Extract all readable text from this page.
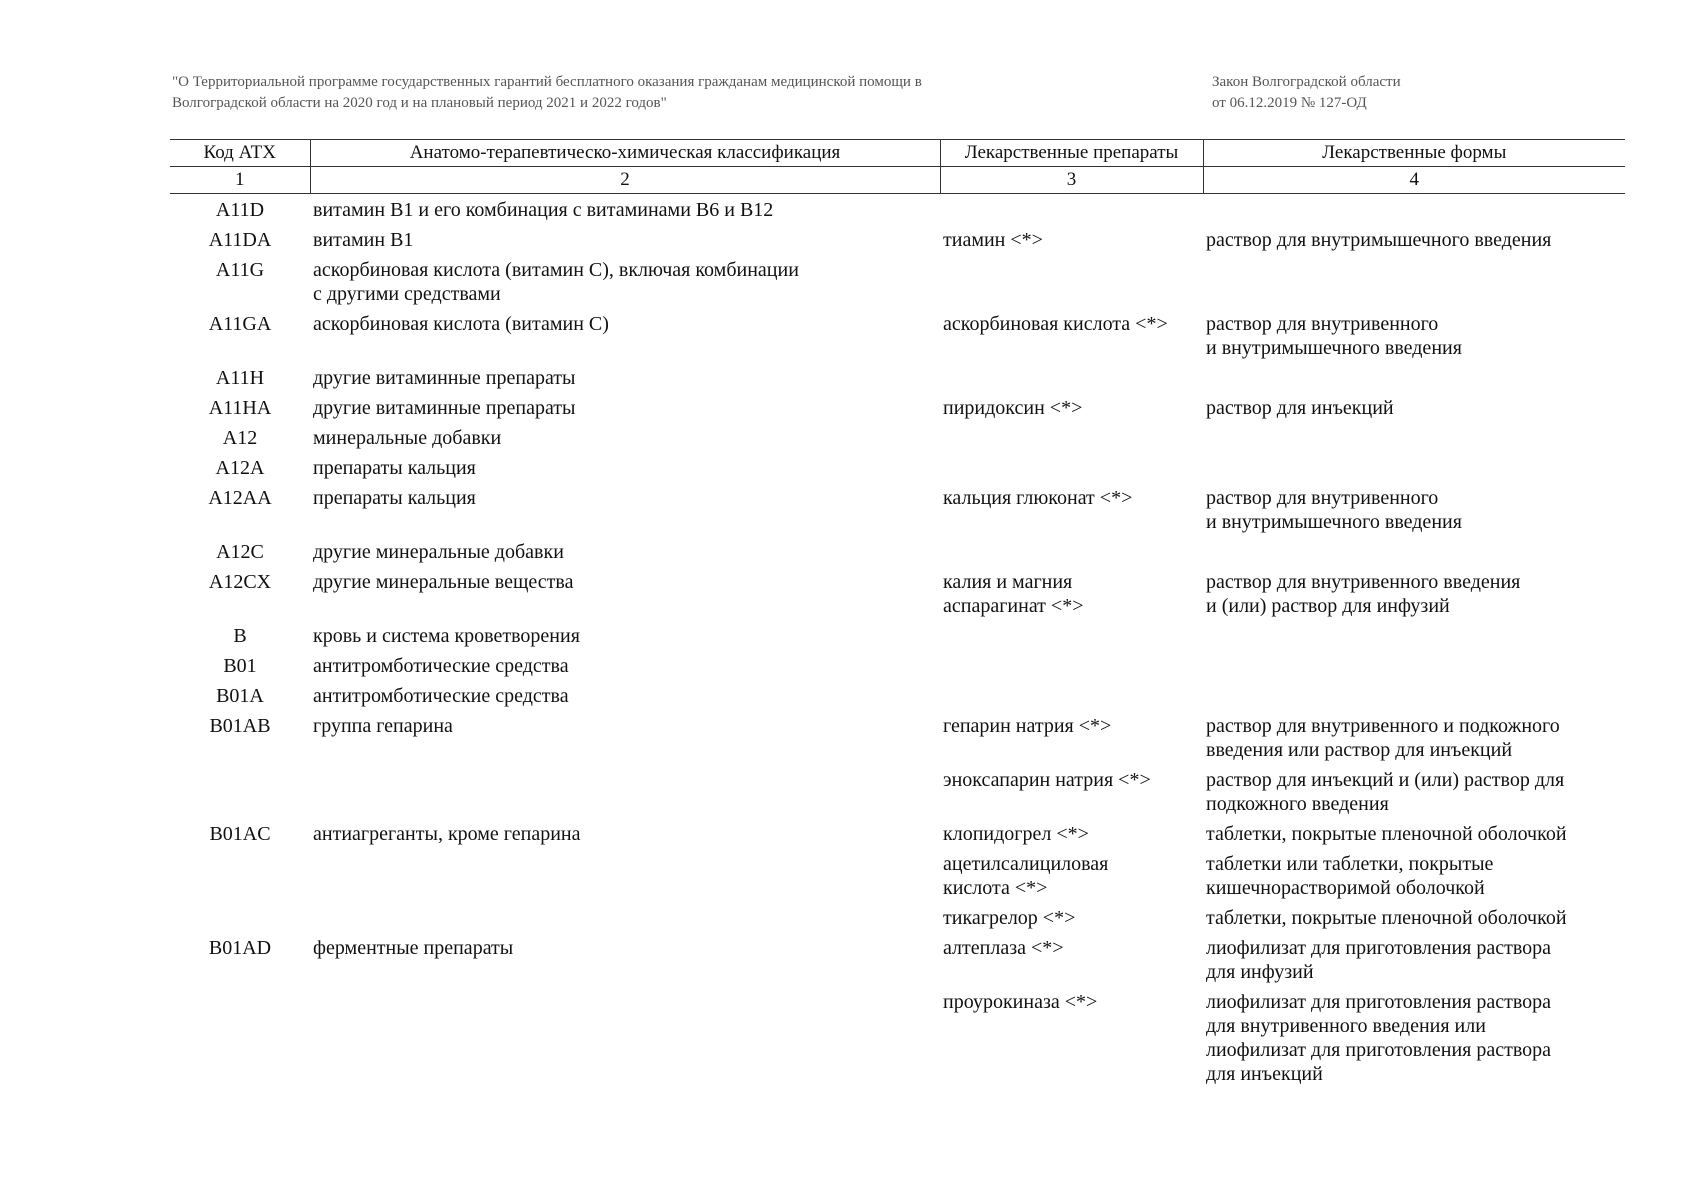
"О Территориальной программе государственных гарантий бесплатного оказания гражданам медицинской помощи в
Волгоградской области на 2020 год и на плановый период 2021 и 2022 годов"
Закон Волгоградской области
от 06.12.2019 № 127-ОД
Код АТХ	Анатомо-терапевтическо-химическая классификация	Лекарственные препараты	Лекарственные формы
1	2	3	4
A11D	витамин B1 и его комбинация с витаминами B6 и B12		

A11DA	витамин B1	тиамин <*>	раствор для внутримышечного введения

A11G	аскорбиновая кислота (витамин C), включая комбинации
с другими средствами		

A11GA	аскорбиновая кислота (витамин C)	аскорбиновая кислота <*>	раствор для внутривенного
и внутримышечного введения

A11H	другие витаминные препараты		

A11HA	другие витаминные препараты	пиридоксин <*>	раствор для инъекций

A12	минеральные добавки		

A12A	препараты кальция		

A12AA	препараты кальция	кальция глюконат <*>	раствор для внутривенного
и внутримышечного введения

A12C	другие минеральные добавки		

A12CX	другие минеральные вещества	калия и магния
аспарагинат <*>	раствор для внутривенного введения
и (или) раствор для инфузий

B	кровь и система кроветворения		

B01	антитромботические средства		

B01A	антитромботические средства		

B01AB	группа гепарина	гепарин натрия <*>	раствор для внутривенного и подкожного
введения или раствор для инъекций

		эноксапарин натрия <*>	раствор для инъекций и (или) раствор для
подкожного введения

B01AC	антиагреганты, кроме гепарина	клопидогрел <*>	таблетки, покрытые пленочной оболочкой

		ацетилсалициловая
кислота <*>	таблетки или таблетки, покрытые
кишечнорастворимой оболочкой

		тикагрелор <*>	таблетки, покрытые пленочной оболочкой

B01AD	ферментные препараты	алтеплаза <*>	лиофилизат для приготовления раствора
для инфузий

		проурокиназа <*>	лиофилизат для приготовления раствора
для внутривенного введения или
лиофилизат для приготовления раствора
для инъекций
